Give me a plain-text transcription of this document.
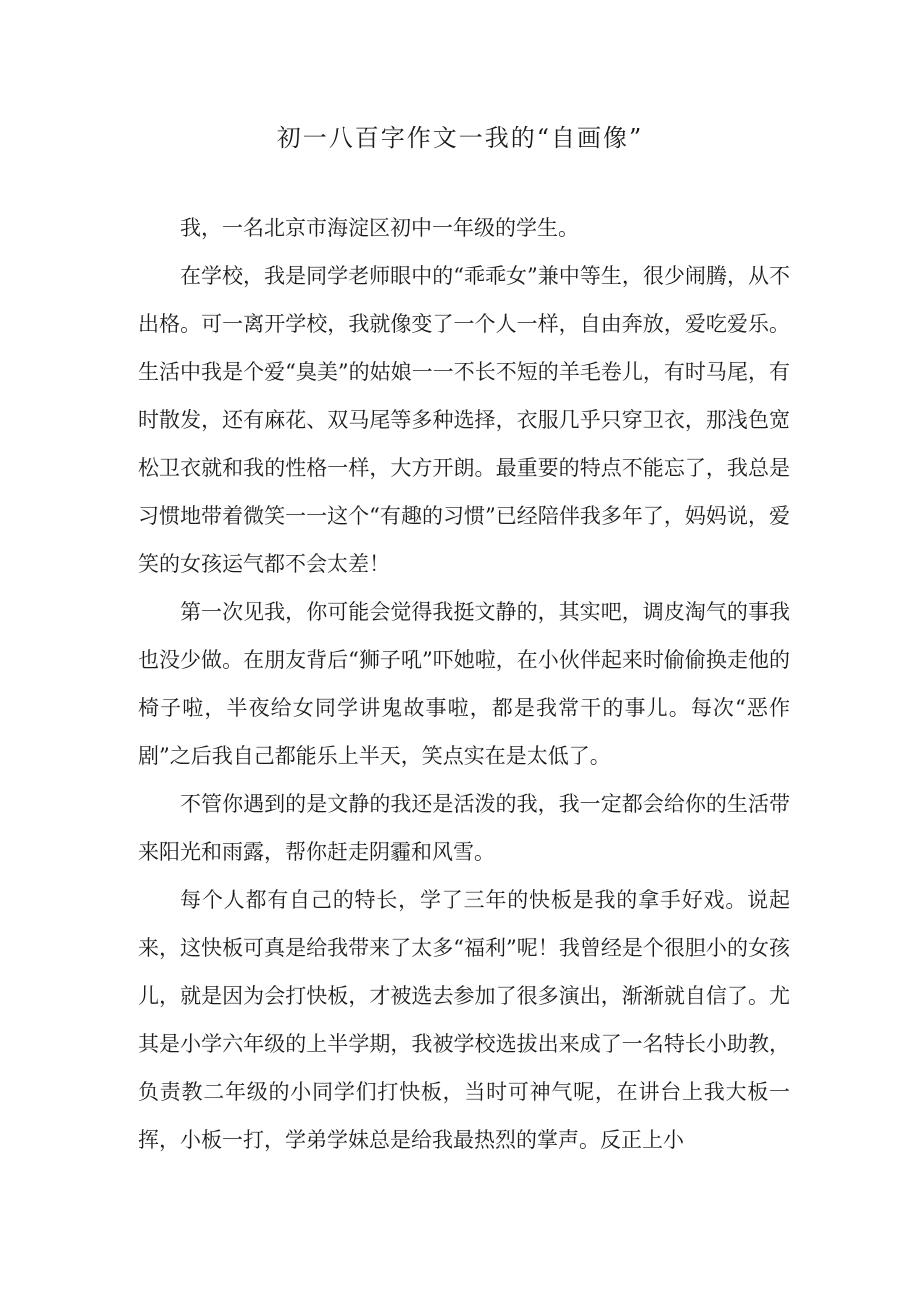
初一八百字作文一我的“自画像”

我，一名北京市海淀区初中一年级的学生。

在学校，我是同学老师眼中的“乖乖女”兼中等生，很少闹腾，从不出格。可一离开学校，我就像变了一个人一样，自由奔放，爱吃爱乐。生活中我是个爱“臭美”的姑娘一一不长不短的羊毛卷儿，有时马尾，有时散发，还有麻花、双马尾等多种选择，衣服几乎只穿卫衣，那浅色宽松卫衣就和我的性格一样，大方开朗。最重要的特点不能忘了，我总是习惯地带着微笑一一这个“有趣的习惯”已经陪伴我多年了，妈妈说，爱笑的女孩运气都不会太差！

第一次见我，你可能会觉得我挺文静的，其实吧，调皮淘气的事我也没少做。在朋友背后“狮子吼”吓她啦，在小伙伴起来时偷偷换走他的椅子啦，半夜给女同学讲鬼故事啦，都是我常干的事儿。每次“恶作剧”之后我自己都能乐上半天，笑点实在是太低了。

不管你遇到的是文静的我还是活泼的我，我一定都会给你的生活带来阳光和雨露，帮你赶走阴霾和风雪。

每个人都有自己的特长，学了三年的快板是我的拿手好戏。说起来，这快板可真是给我带来了太多“福利”呢！我曾经是个很胆小的女孩儿，就是因为会打快板，才被选去参加了很多演出，渐渐就自信了。尤其是小学六年级的上半学期，我被学校选拔出来成了一名特长小助教，负责教二年级的小同学们打快板，当时可神气呢，在讲台上我大板一挥，小板一打，学弟学妹总是给我最热烈的掌声。反正上小
